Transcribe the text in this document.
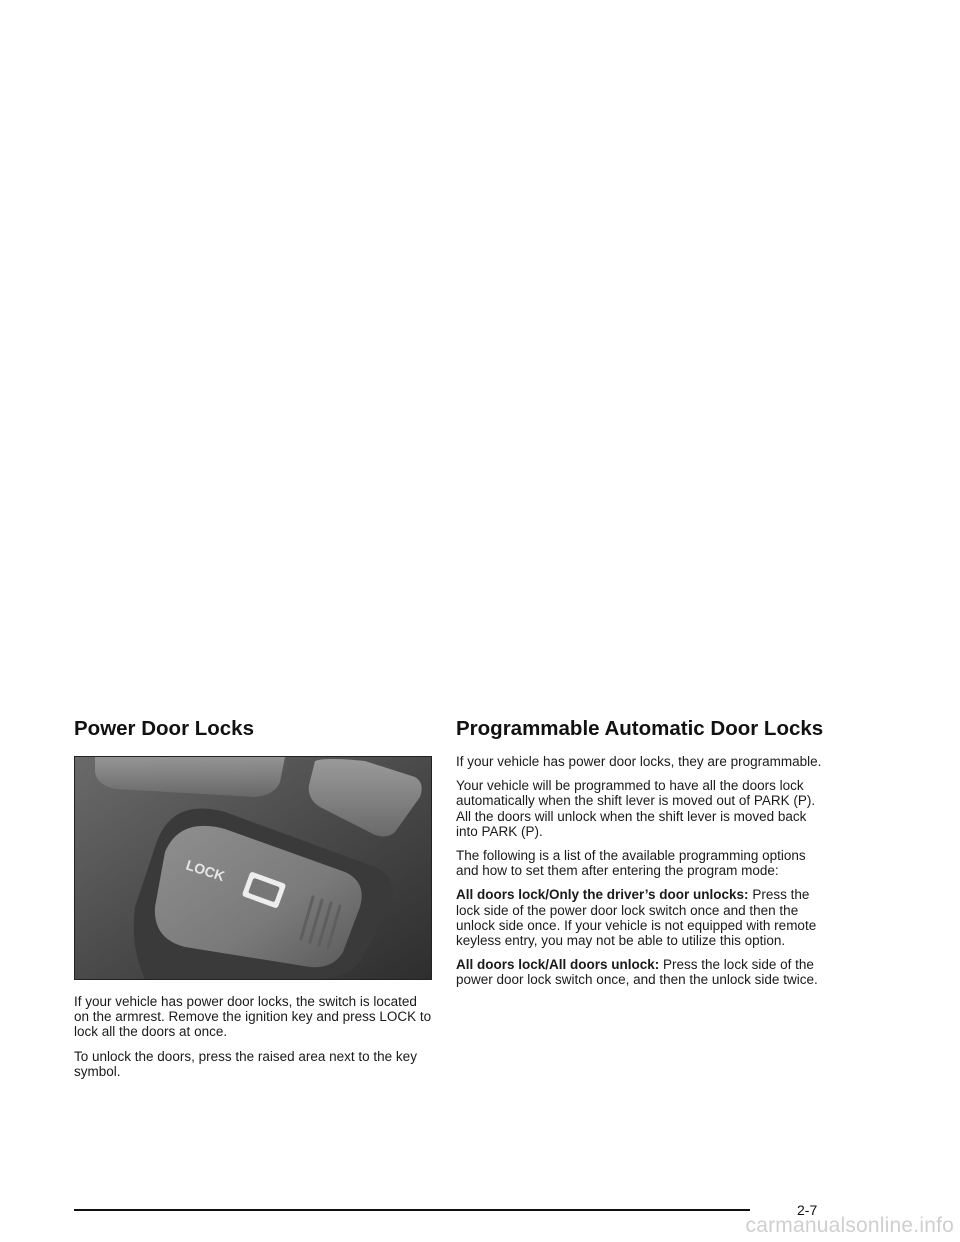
Power Door Locks
LOCK

If your vehicle has power door locks, the switch is located on the armrest. Remove the ignition key and press LOCK to lock all the doors at once.

To unlock the doors, press the raised area next to the key symbol.

Programmable Automatic Door Locks

If your vehicle has power door locks, they are programmable.

Your vehicle will be programmed to have all the doors lock automatically when the shift lever is moved out of PARK (P). All the doors will unlock when the shift lever is moved back into PARK (P).

The following is a list of the available programming options and how to set them after entering the program mode:

All doors lock/Only the driver’s door unlocks: Press the lock side of the power door lock switch once and then the unlock side once. If your vehicle is not equipped with remote keyless entry, you may not be able to utilize this option.

All doors lock/All doors unlock: Press the lock side of the power door lock switch once, and then the unlock side twice.

2-7
carmanualsonline.info
